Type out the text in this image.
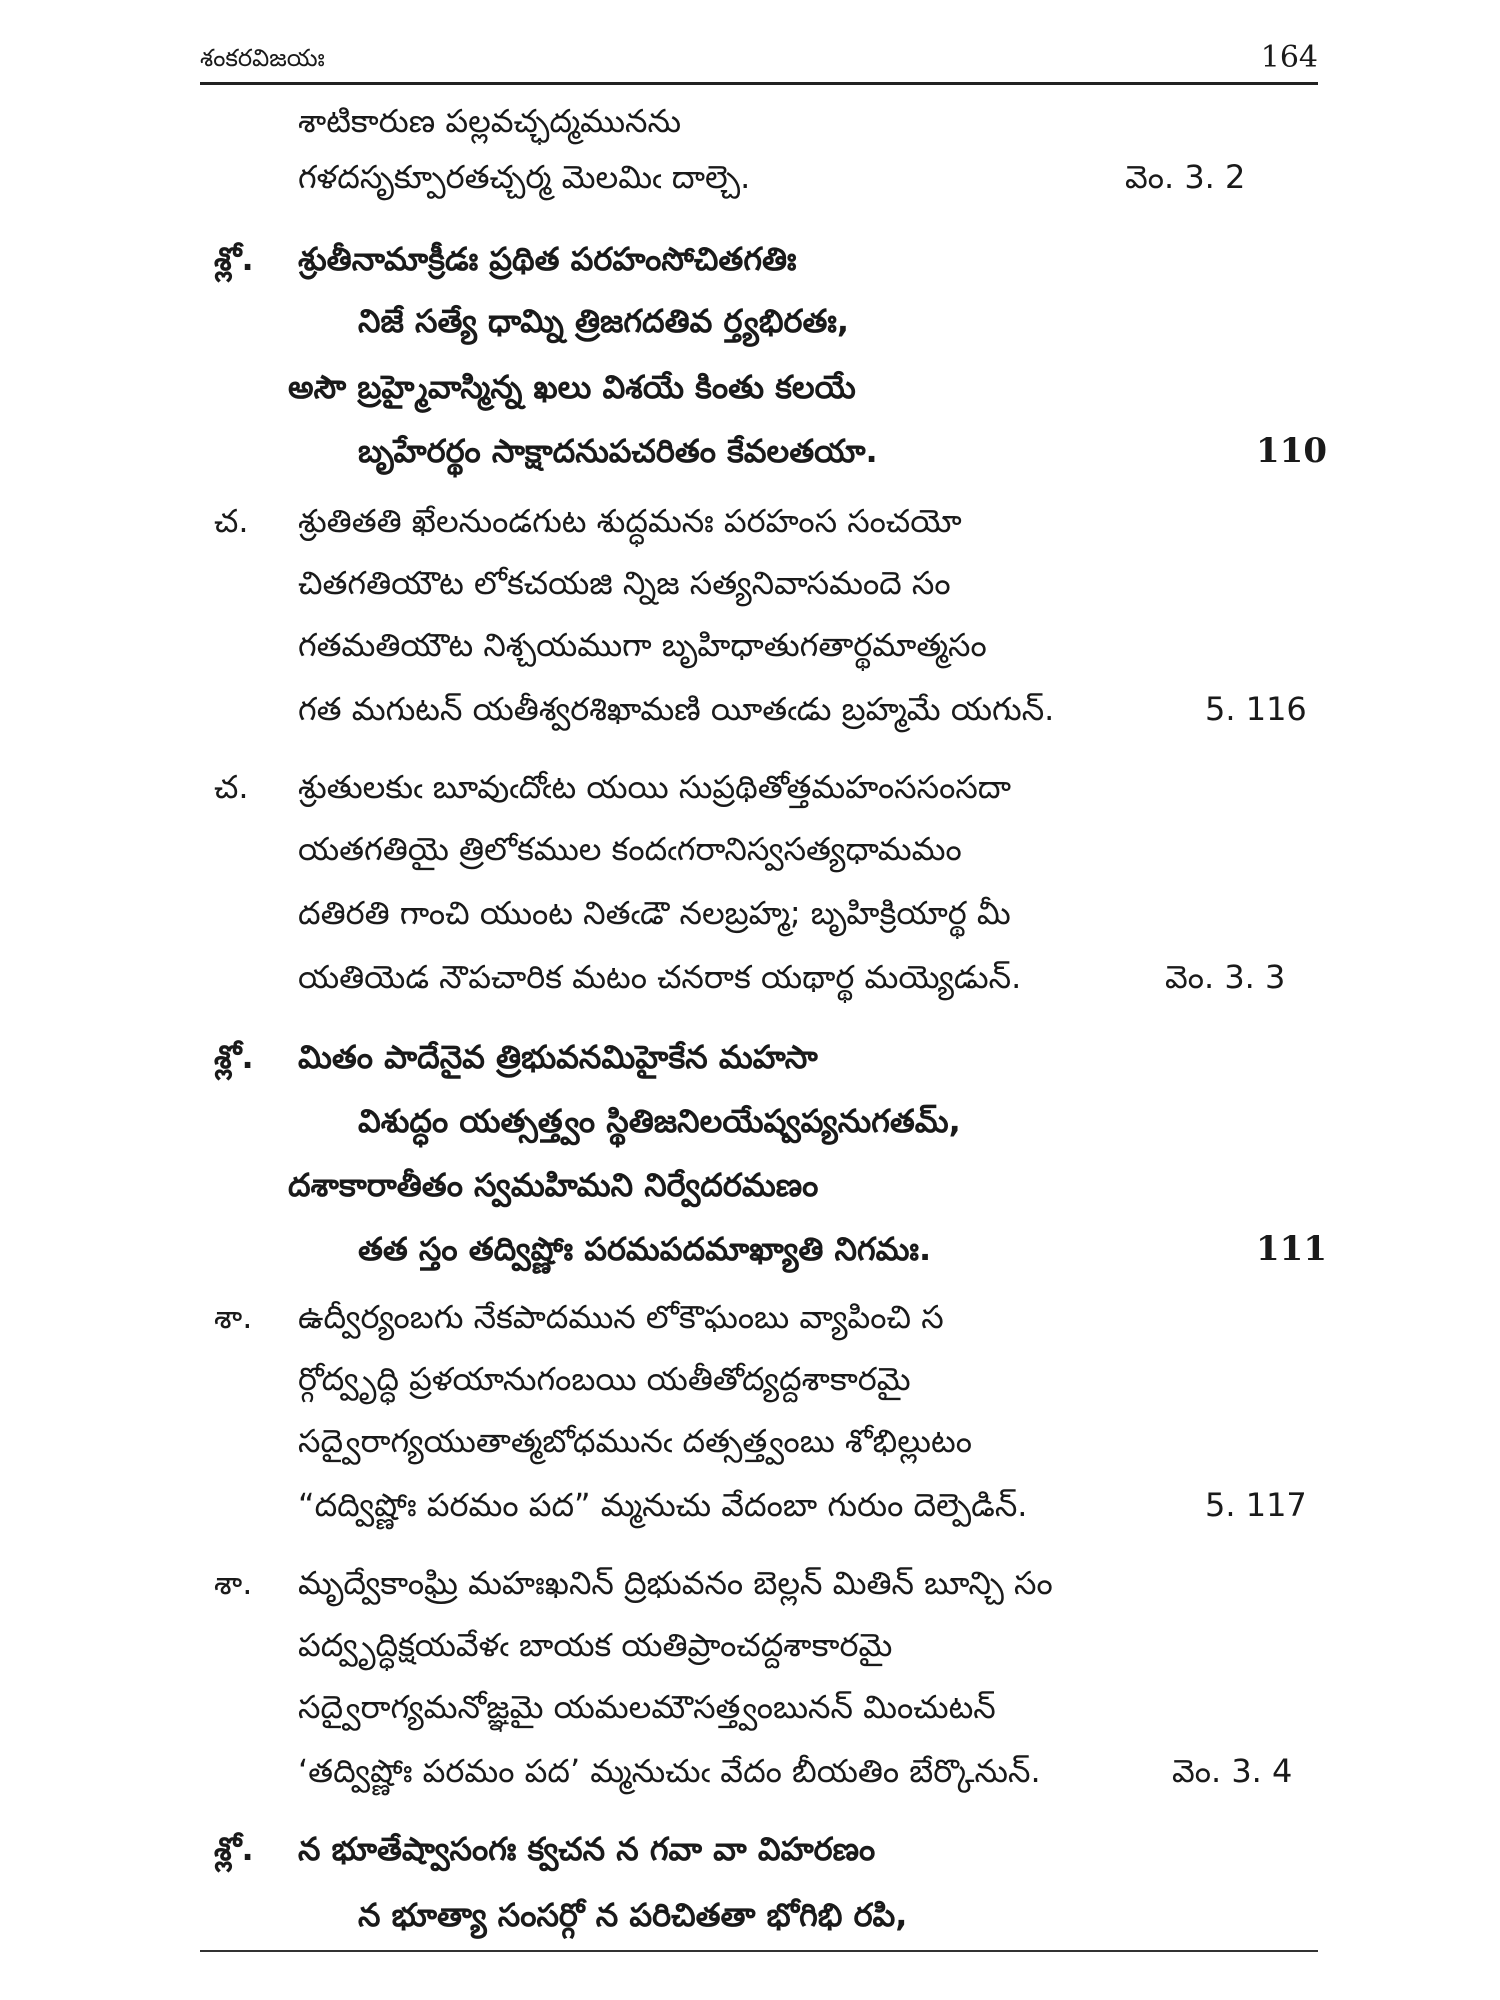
శంకరవిజయః	164
శాటికారుణ పల్లవచ్ఛద్మమునను
గళదసృక్పూరతచ్చర్మ మెలమిఁ దాల్చె.	వెం. 3. 2
శ్లో. శ్రుతీనామాక్రీడః ప్రథిత పరహంసోచితగతిః
నిజే సత్యే ధామ్ని త్రిజగదతివ ర్త్యభిరతః,
అసౌ బ్రహ్మైవాస్మిన్న ఖలు విశయే కింతు కలయే
బృహేరర్థం సాక్షాదనుపచరితం కేవలతయా.	110
చ. శ్రుతితతి ఖేలనుండగుట శుద్ధమనః పరహంస సంచయో
చితగతియౌట లోకచయజి న్నిజ సత్యనివాసమందె సం
గతమతియౌట నిశ్చయముగా బృహిధాతుగతార్థమాత్మసం
గత మగుటన్ యతీశ్వరశిఖామణి యీతఁడు బ్రహ్మమే యగున్.	5. 116
చ. శ్రుతులకుఁ బూవుఁదోఁట యయి సుప్రథితోత్తమహంససంసదా
యతగతియై త్రిలోకముల కందఁగరానిస్వసత్యధామమం
దతిరతి గాంచి యుంట నితఁడౌ నలబ్రహ్మ; బృహిక్రియార్థ మీ
యతియెడ నౌపచారిక మటం చనరాక యథార్థ మయ్యెడున్.	వెం. 3. 3
శ్లో. మితం పాదేనైవ త్రిభువనమిహైకేన మహసా
విశుద్ధం యత్సత్త్వం స్థితిజనిలయేష్వప్యనుగతమ్,
దశాకారాతీతం స్వమహిమని నిర్వేదరమణం
తత స్తం తద్విష్ణోః పరమపదమాఖ్యాతి నిగమః.	111
శా. ఉద్వీర్యంబగు నేకపాదమున లోకౌఘంబు వ్యాపించి స
ర్గోద్వృద్ధి ప్రళయానుగంబయి యతీతోద్యద్దశాకారమై
సద్వైరాగ్యయుతాత్మబోధమునఁ దత్సత్త్వంబు శోభిల్లుటం
“దద్విష్ణోః పరమం పద” మ్మనుచు వేదంబా గురుం దెల్పెడిన్.	5. 117
శా. మృద్వేకాంఘ్రి మహఃఖనిన్ ద్రిభువనం బెల్లన్ మితిన్ బూన్చి సం
పద్వృద్ధిక్షయవేళఁ బాయక యతిప్రాంచద్దశాకారమై
సద్వైరాగ్యమనోజ్ఞమై యమలమౌసత్త్వంబునన్ మించుటన్
‘తద్విష్ణోః పరమం పద’ మ్మనుచుఁ వేదం బీయతిం బేర్కొనున్.	వెం. 3. 4
శ్లో. న భూతేష్వాసంగః క్వచన న గవా వా విహరణం
న భూత్యా సంసర్గో న పరిచితతా భోగిభి రపి,
